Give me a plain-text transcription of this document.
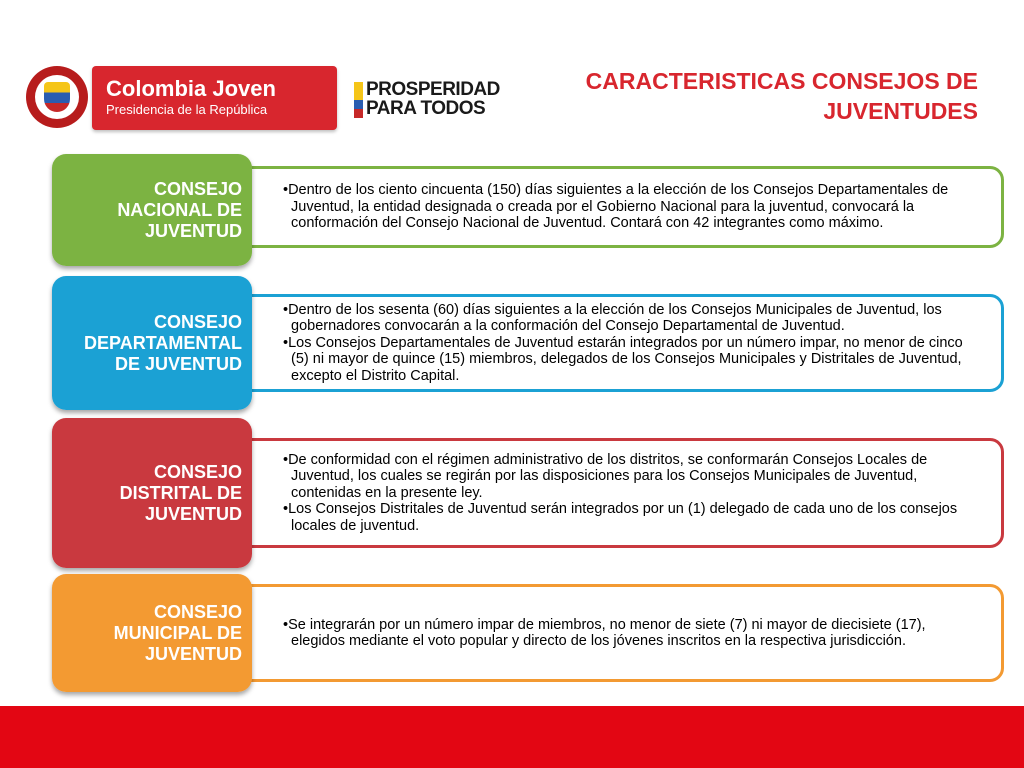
Colombia Joven
Presidencia de la República
PROSPERIDAD
PARA TODOS
CARACTERISTICAS CONSEJOS DE
JUVENTUDES
• Dentro de los ciento cincuenta (150) días siguientes a la elección de los Consejos Departamentales de Juventud, la entidad designada o creada por el Gobierno Nacional para la juventud, convocará la conformación del Consejo Nacional de Juventud. Contará con 42 integrantes como máximo.
CONSEJO
NACIONAL DE
JUVENTUD
• Dentro de los sesenta (60) días siguientes a la elección de los Consejos Municipales de Juventud, los gobernadores convocarán a la conformación del Consejo Departamental de Juventud.
• Los Consejos Departamentales de Juventud estarán integrados por un número impar, no menor de cinco (5) ni mayor de quince (15) miembros, delegados de los Consejos Municipales y Distritales de Juventud, excepto el Distrito Capital.
CONSEJO
DEPARTAMENTAL
DE JUVENTUD
• De conformidad con el régimen administrativo de los distritos, se conformarán Consejos Locales de Juventud, los cuales se regirán por las disposiciones para los Consejos Municipales de Juventud, contenidas en la presente ley.
• Los Consejos Distritales de Juventud serán integrados por un (1) delegado de cada uno de los consejos locales de juventud.
CONSEJO
DISTRITAL DE
JUVENTUD
• Se integrarán por un número impar de miembros, no menor de siete (7) ni mayor de diecisiete (17), elegidos mediante el voto popular y directo de los jóvenes inscritos en la respectiva jurisdicción.
CONSEJO
MUNICIPAL DE
JUVENTUD
